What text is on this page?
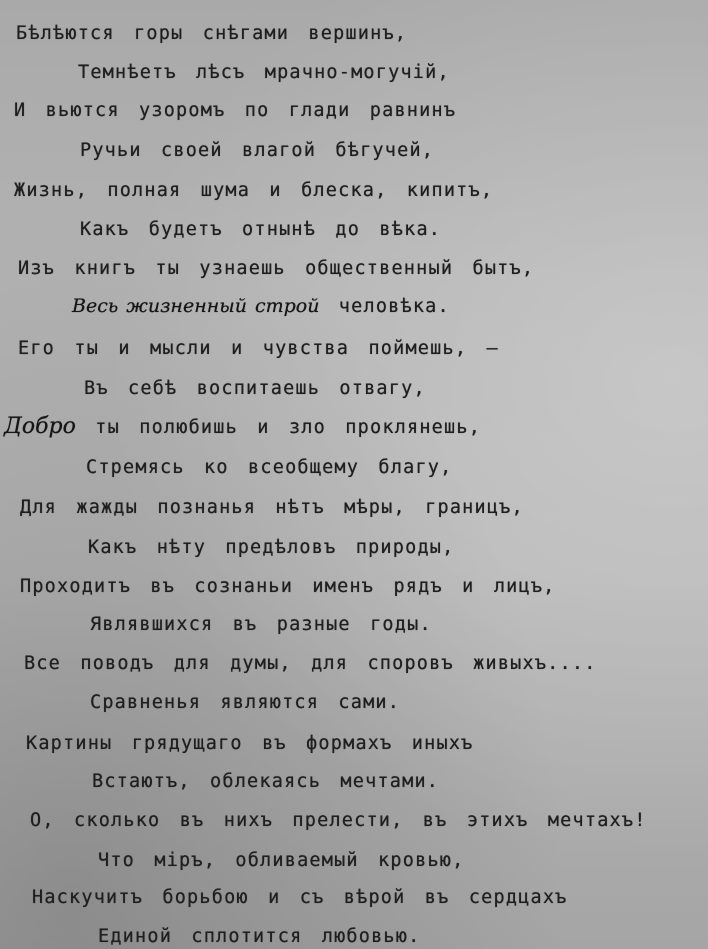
Бѣлѣются горы снѣгами вершинъ,
Темнѣетъ лѣсъ мрачно-могучiй,
И вьются узоромъ по глади равнинъ
Ручьи своей влагой бѣгучей,
Жизнь, полная шума и блеска, кипитъ,
Какъ будетъ отнынѣ до вѣка.
Изъ книгъ ты узнаешь общественный бытъ,
Весь жизненный строй человѣка.
Его ты и мысли и чувства поймешь, —
Въ себѣ воспитаешь отвагу,
Добро ты полюбишь и зло проклянешь,
Стремясь ко всеобщему благу,
Для жажды познанья нѣтъ мѣры, границъ,
Какъ нѣту предѣловъ природы,
Проходитъ въ сознаньи именъ рядъ и лицъ,
Являвшихся въ разные годы.
Все поводъ для думы, для споровъ живыхъ....
Сравненья являются сами.
Картины грядущаго въ формахъ иныхъ
Встаютъ, облекаясь мечтами.
О, сколько въ нихъ прелести, въ этихъ мечтахъ!
Что мiръ, обливаемый кровью,
Наскучитъ борьбою и съ вѣрой въ сердцахъ
Единой сплотится любовью.
